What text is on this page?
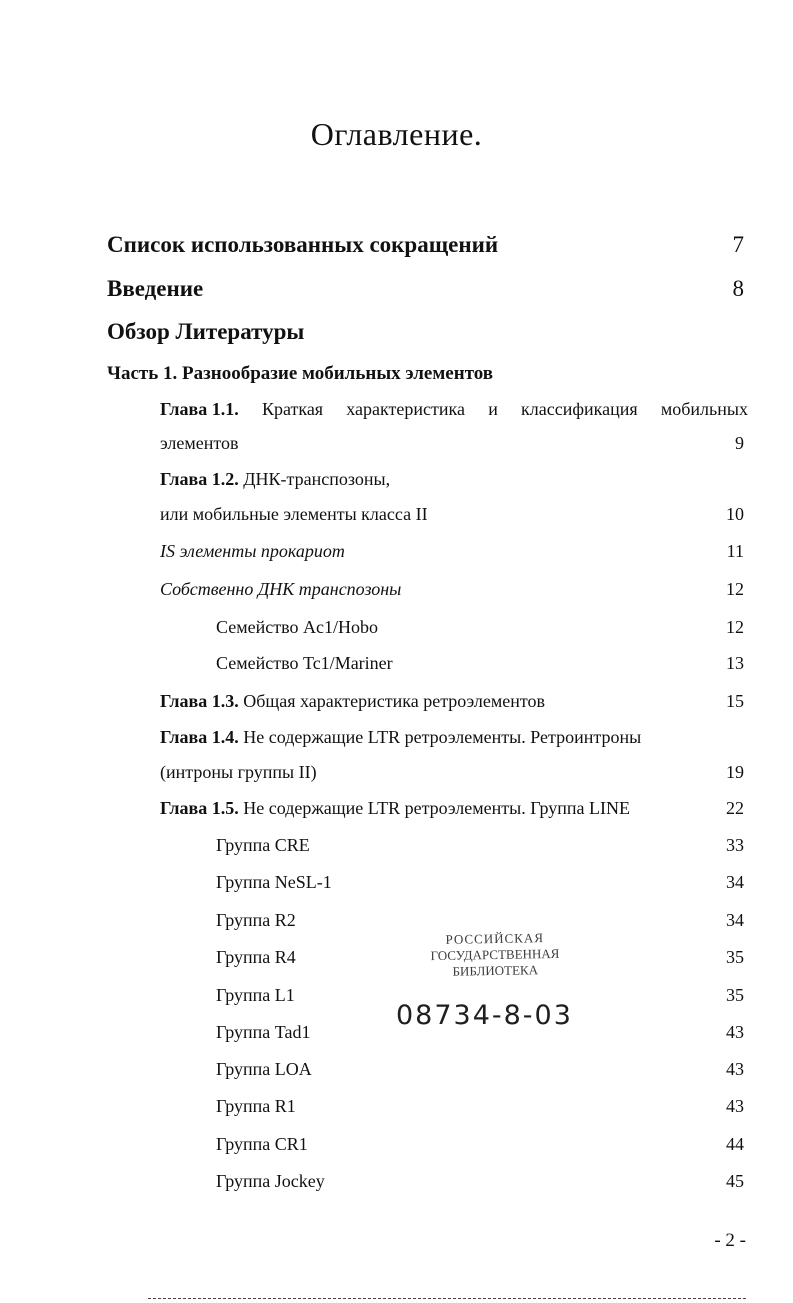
Оглавление.
Список использованных сокращений	7
Введение	8
Обзор Литературы
Часть 1. Разнообразие мобильных элементов
Глава 1.1. Краткая характеристика и классификация мобильных
элементов	9
Глава 1.2. ДНК-транспозоны,
или мобильные элементы класса II	10
IS элементы прокариот	11
Собственно ДНК транспозоны	12
Семейство Ac1/Hobo	12
Семейство Tc1/Mariner	13
Глава 1.3. Общая характеристика ретроэлементов	15
Глава 1.4. Не содержащие LTR ретроэлементы. Ретроинтроны
(интроны группы II)	19
Глава 1.5. Не содержащие LTR ретроэлементы. Группа LINE	22
Группа CRE	33
Группа NeSL-1	34
Группа R2	34
Группа R4	35
Группа L1	35
Группа Tad1	43
Группа LOA	43
Группа R1	43
Группа CR1	44
Группа Jockey	45
РОССИЙСКАЯ
ГОСУДАРСТВЕННАЯ
БИБЛИОТЕКА
08734-8-03
- 2 -
